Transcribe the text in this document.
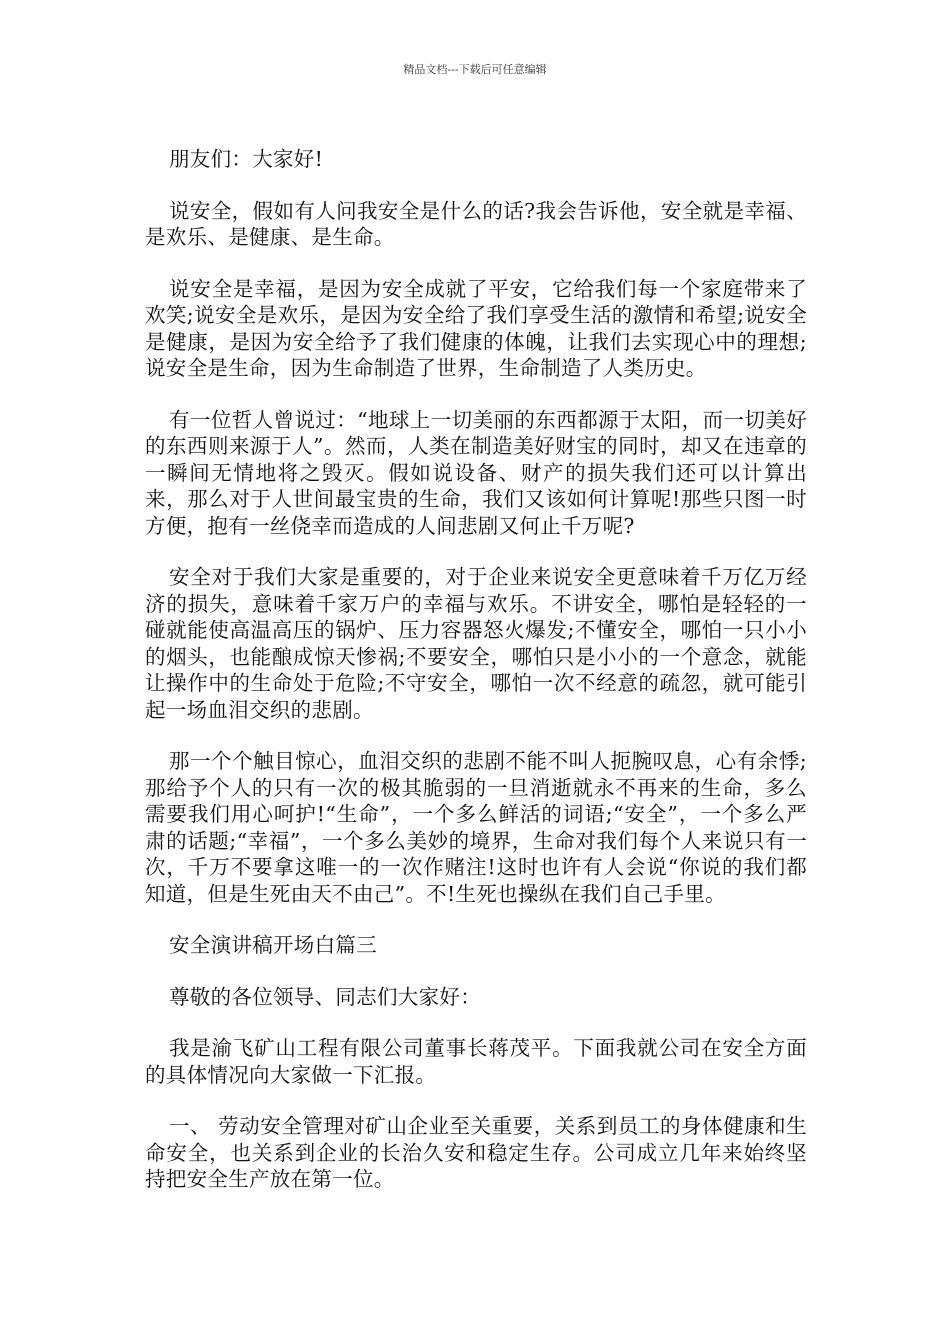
精品文档---下载后可任意编辑

朋友们：大家好!

说安全，假如有人问我安全是什么的话?我会告诉他，安全就是幸福、是欢乐、是健康、是生命。

说安全是幸福，是因为安全成就了平安，它给我们每一个家庭带来了欢笑;说安全是欢乐，是因为安全给了我们享受生活的激情和希望;说安全是健康，是因为安全给予了我们健康的体魄，让我们去实现心中的理想;说安全是生命，因为生命制造了世界，生命制造了人类历史。

有一位哲人曾说过：“地球上一切美丽的东西都源于太阳，而一切美好的东西则来源于人”。然而，人类在制造美好财宝的同时，却又在违章的一瞬间无情地将之毁灭。假如说设备、财产的损失我们还可以计算出来，那么对于人世间最宝贵的生命，我们又该如何计算呢!那些只图一时方便，抱有一丝侥幸而造成的人间悲剧又何止千万呢?

安全对于我们大家是重要的，对于企业来说安全更意味着千万亿万经济的损失，意味着千家万户的幸福与欢乐。不讲安全，哪怕是轻轻的一碰就能使高温高压的锅炉、压力容器怒火爆发;不懂安全，哪怕一只小小的烟头，也能酿成惊天惨祸;不要安全，哪怕只是小小的一个意念，就能让操作中的生命处于危险;不守安全，哪怕一次不经意的疏忽，就可能引起一场血泪交织的悲剧。

那一个个触目惊心，血泪交织的悲剧不能不叫人扼腕叹息，心有余悸;那给予个人的只有一次的极其脆弱的一旦消逝就永不再来的生命，多么需要我们用心呵护!“生命”，一个多么鲜活的词语;“安全”，一个多么严肃的话题;“幸福”，一个多么美妙的境界，生命对我们每个人来说只有一次，千万不要拿这唯一的一次作赌注!这时也许有人会说“你说的我们都知道，但是生死由天不由己”。不!生死也操纵在我们自己手里。

安全演讲稿开场白篇三

尊敬的各位领导、同志们大家好：

我是渝飞矿山工程有限公司董事长蒋茂平。下面我就公司在安全方面的具体情况向大家做一下汇报。

一、 劳动安全管理对矿山企业至关重要，关系到员工的身体健康和生命安全，也关系到企业的长治久安和稳定生存。公司成立几年来始终坚持把安全生产放在第一位。
